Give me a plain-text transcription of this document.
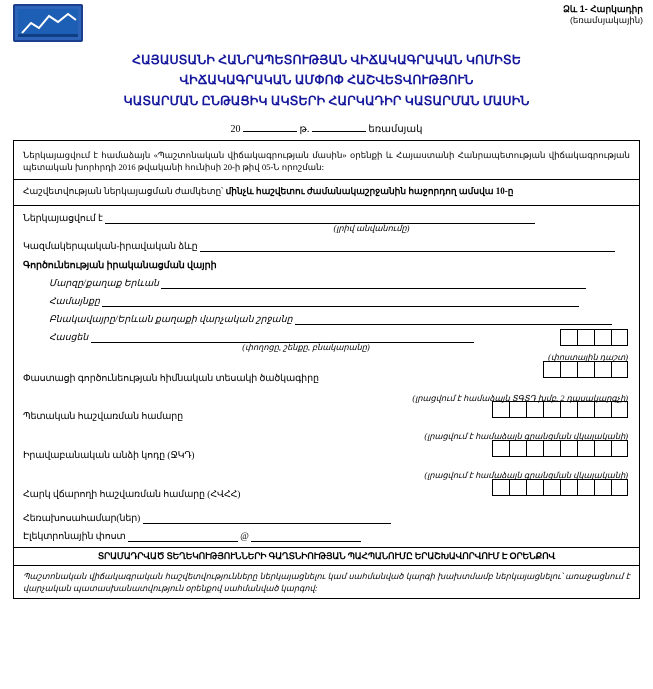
Ձև 1- Հարկադիր
(եռամսյակային)
ՀԱՅԱՍՏԱՆԻ ՀԱՆՐԱՊԵՏՈՒԹՅԱՆ ՎԻՃԱԿԱԳՐԱԿԱՆ ԿՈՄԻՏԵ
ՎԻՃԱԿԱԳՐԱԿԱՆ ԱՄՓՈՓ ՀԱՇՎԵՏՎՈՒԹՅՈՒՆ
ԿԱՏԱՐՄԱՆ ԸՆԹԱՑԻԿ ԱԿՏԵՐԻ ՀԱՐԿԱԴԻՐ ԿԱՏԱՐՄԱՆ ՄԱՍԻՆ
20	թ.	եռամսյակ
Ներկայացվում է համաձայն «Պաշտոնական վիճակագրության մասին» օրենքի և Հայաստանի Հանրապետության վիճակագրության պետական խորհրդի 2016 թվականի հունիսի 20-ի թիվ 05-Ն որոշման:
Հաշվետվության ներկայացման ժամկետը՝ մինչև հաշվետու ժամանակաշրջանին հաջորդող ամսվա 10-ը
Ներկայացվում է
(լրիվ անվանումը)
Կազմակերպական-իրավական ձևը
Գործունեության իրականացման վայրի
Մարզը/քաղաք Երևան
Համայնքը
Բնակավայրը/Երևան քաղաքի վարչական շրջանը
Հասցեն
(փողոցը, շենքը, բնակարանը)
(փոստային դաշտ)
Փաստացի գործունեության հիմնական տեսակի ծածկագիրը
(լրացվում է համաձայն ՏԳՏԴ խմբ. 2 դասակարգչի)
Պետական հաշվառման համարը
(լրացվում է համաձայն գրանցման վկայականի)
Իրավաբանական անձի կոդը (ՋԿԴ)
(լրացվում է համաձայն գրանցման վկայականի)
Հարկ վճարողի հաշվառման համարը (ՀՎՀՀ)
Հեռախոսահամար(ներ)
Էլեկտրոնային փոստ	@
ՏՐԱՄԱԴՐՎԱԾ ՏԵՂԵԿՈՒԹՅՈՒՆՆԵՐԻ ԳԱՂՏՆԻՈՒԹՅԱՆ ՊԱՀՊԱՆՈՒՄԸ ԵՐԱՇԽԱՎՈՐՎՈՒՄ Է ՕՐԵՆՔՈՎ
Պաշտոնական վիճակագրական հաշվետվությունները ներկայացնելու կամ սահմանված կարգի խախտմամբ ներկայացնելու՝ առաջացնում է վարչական պատասխանատվություն օրենքով սահմանված կարգով:
